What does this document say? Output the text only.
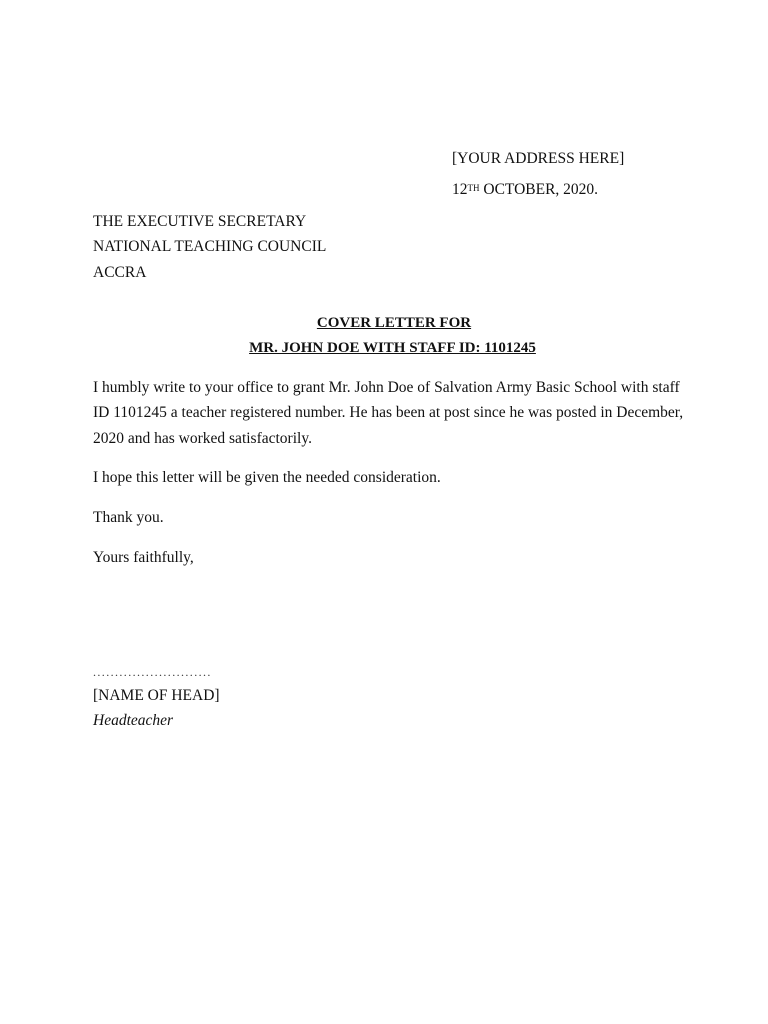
[YOUR ADDRESS HERE]
12TH OCTOBER, 2020.
THE EXECUTIVE SECRETARY
NATIONAL TEACHING COUNCIL
ACCRA
COVER LETTER FOR
MR. JOHN DOE WITH STAFF ID: 1101245
I humbly write to your office to grant Mr. John Doe of Salvation Army Basic School with staff
ID 1101245 a teacher registered number. He has been at post since he was posted in December,
2020 and has worked satisfactorily.
I hope this letter will be given the needed consideration.
Thank you.
Yours faithfully,
...........................
[NAME OF HEAD]
Headteacher
